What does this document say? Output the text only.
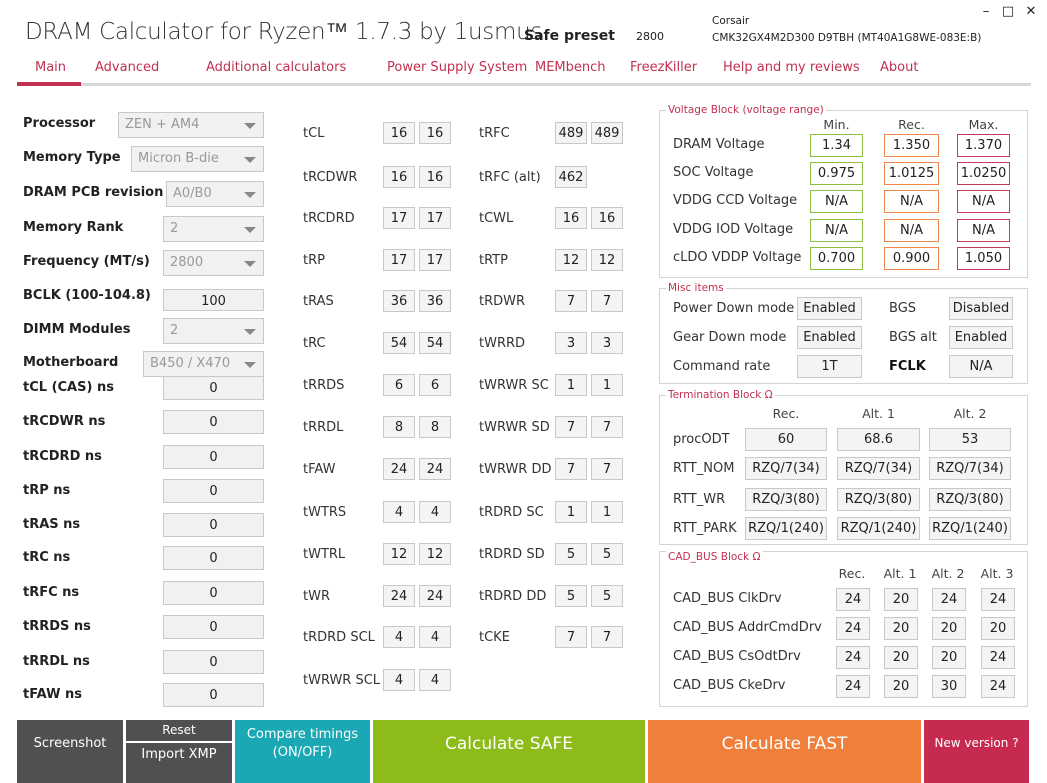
DRAM Calculator for Ryzen™ 1.7.3 by 1usmus
Safe preset 2800
Corsair
CMK32GX4M2D300 D9TBH (MT40A1G8WE-083E:B)
– □ ✕
Main Advanced	Additional calculators	Power Supply System MEMbench FreezKiller Help and my reviews About
Processor	ZEN + AM4
Memory Type	Micron B-die
DRAM PCB revision A0/B0
Memory Rank	2
Frequency (MT/s)	2800
BCLK (100-104.8)	100
DIMM Modules	2
Motherboard	B450 / X470
tCL (CAS) ns	0
tRCDWR ns	0
tRCDRD ns	0
tRP ns	0
tRAS ns	0
tRC ns	0
tRFC ns	0
tRRDS ns	0
tRRDL ns	0
tFAW ns	0
tCL	16	16
tRCDWR	16	16
tRCDRD	17	17
tRP	17	17
tRAS	36	36
tRC	54	54
tRRDS	6	6
tRRDL	8	8
tFAW	24	24
tWTRS	4	4
tWTRL	12	12
tWR	24	24
tRDRD SCL	4	4
tWRWR SCL	4	4
tRFC	489 489
tRFC (alt) 462
tCWL	16	16
tRTP	12	12
tRDWR	7	7
tWRRD	3	3
tWRWR SC	1	1
tWRWR SD	7	7
tWRWR DD	7	7
tRDRD SC	1	1
tRDRD SD	5	5
tRDRD DD	5	5
tCKE	7	7
Voltage Block (voltage range)
Min.	Rec.	Max.
DRAM Voltage	1.34	1.350	1.370
SOC Voltage	0.975	1.0125	1.0250
VDDG CCD Voltage	N/A	N/A	N/A
VDDG IOD Voltage	N/A	N/A	N/A
cLDO VDDP Voltage	0.700	0.900	1.050
Misc items
Power Down mode Enabled	BGS	Disabled
Gear Down mode	Enabled	BGS alt	Enabled
Command rate	1T	FCLK	N/A
Termination Block Ω
Rec.	Alt. 1	Alt. 2
procODT	60	68.6	53
RTT_NOM	RZQ/7(34)	RZQ/7(34)	RZQ/7(34)
RTT_WR	RZQ/3(80)	RZQ/3(80)	RZQ/3(80)
RTT_PARK RZQ/1(240) RZQ/1(240) RZQ/1(240)
CAD_BUS Block Ω
Rec.	Alt. 1 Alt. 2 Alt. 3
CAD_BUS ClkDrv	24	20	24	24
CAD_BUS AddrCmdDrv	24	20	20	20
CAD_BUS CsOdtDrv	24	20	20	24
CAD_BUS CkeDrv	24	20	30	24
Screenshot
Reset
Import XMP
Compare timings
(ON/OFF)	Calculate SAFE	Calculate FAST	New version ?
